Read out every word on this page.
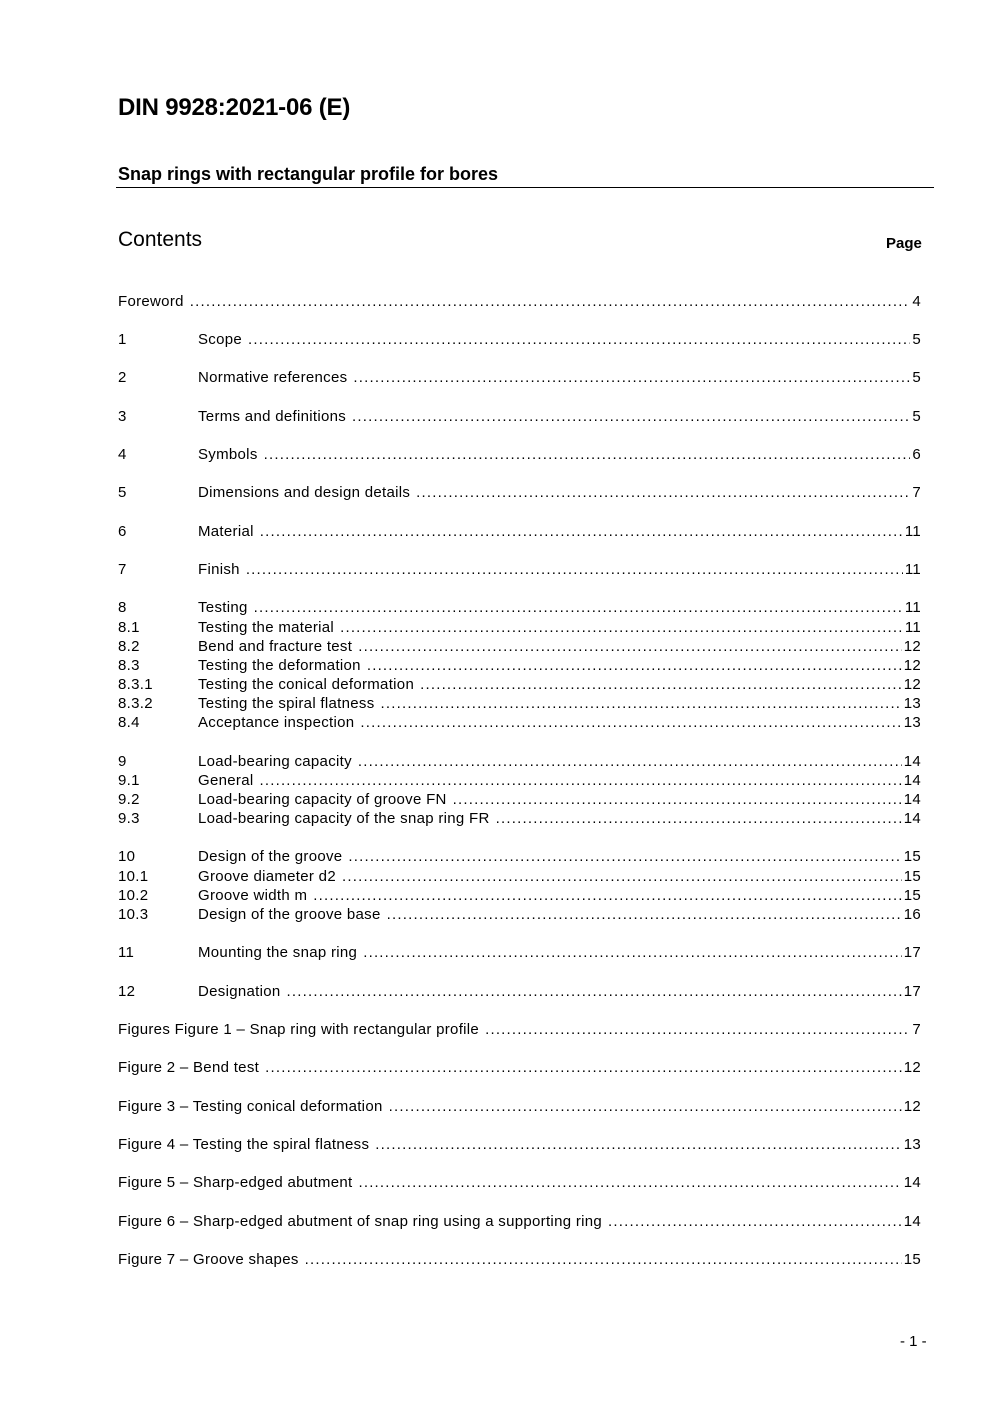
DIN 9928:2021-06 (E)
Snap rings with rectangular profile for bores
Contents	Page
Foreword .....	4
1	Scope .....	5
2	Normative references .....	5
3	Terms and definitions .....	5
4	Symbols .....	6
5	Dimensions and design details .....	7
6	Material .....	11
7	Finish .....	11
8	Testing .....	11
8.1	Testing the material .....	11
8.2	Bend and fracture test .....	12
8.3	Testing the deformation .....	12
8.3.1	Testing the conical deformation .....	12
8.3.2	Testing the spiral flatness .....	13
8.4	Acceptance inspection .....	13
9	Load-bearing capacity .....	14
9.1	General .....	14
9.2	Load-bearing capacity of groove FN .....	14
9.3	Load-bearing capacity of the snap ring FR .....	14
10	Design of the groove .....	15
10.1	Groove diameter d2 .....	15
10.2	Groove width m .....	15
10.3	Design of the groove base .....	16
11	Mounting the snap ring .....	17
12	Designation .....	17
Figures Figure 1 – Snap ring with rectangular profile .....	7
Figure 2 – Bend test .....	12
Figure 3 – Testing conical deformation .....	12
Figure 4 – Testing the spiral flatness .....	13
Figure 5 – Sharp-edged abutment .....	14
Figure 6 – Sharp-edged abutment of snap ring using a supporting ring .....	14
Figure 7 – Groove shapes .....	15
- 1 -
